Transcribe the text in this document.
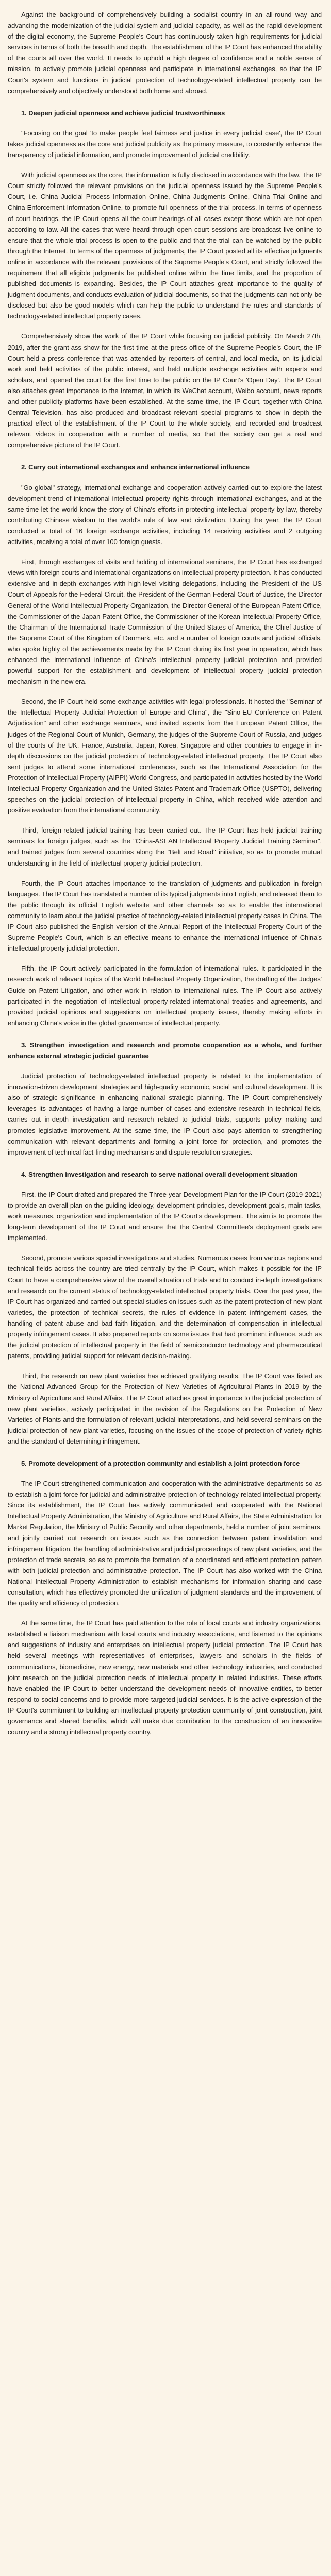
Against the background of comprehensively building a socialist country in an all-round way and advancing the modernization of the judicial system and judicial capacity, as well as the rapid development of the digital economy, the Supreme People's Court has continuously taken high requirements for judicial services in terms of both the breadth and depth. The establishment of the IP Court has enhanced the ability of the courts all over the world. It needs to uphold a high degree of confidence and a noble sense of mission, to actively promote judicial openness and participate in international exchanges, so that the IP Court's system and functions in judicial protection of technology-related intellectual property can be comprehensively and objectively understood both home and abroad.

1. Deepen judicial openness and achieve judicial trustworthiness

"Focusing on the goal 'to make people feel fairness and justice in every judicial case', the IP Court takes judicial openness as the core and judicial publicity as the primary measure, to constantly enhance the transparency of judicial information, and promote improvement of judicial credibility.

With judicial openness as the core, the information is fully disclosed in accordance with the law. The IP Court strictly followed the relevant provisions on the judicial openness issued by the Supreme People's Court, i.e. China Judicial Process Information Online, China Judgments Online, China Trial Online and China Enforcement Information Online, to promote full openness of the trial process. In terms of openness of court hearings, the IP Court opens all the court hearings of all cases except those which are not open according to law. All the cases that were heard through open court sessions are broadcast live online to ensure that the whole trial process is open to the public and that the trial can be watched by the public through the Internet. In terms of the openness of judgments, the IP Court posted all its effective judgments online in accordance with the relevant provisions of the Supreme People's Court, and strictly followed the requirement that all eligible judgments be published online within the time limits, and the proportion of published documents is expanding. Besides, the IP Court attaches great importance to the quality of judgment documents, and conducts evaluation of judicial documents, so that the judgments can not only be disclosed but also be good models which can help the public to understand the rules and standards of technology-related intellectual property cases.

Comprehensively show the work of the IP Court while focusing on judicial publicity. On March 27th, 2019, after the grant-ass show for the first time at the press office of the Supreme People's Court, the IP Court held a press conference that was attended by reporters of central, and local media, on its judicial work and held activities of the public interest, and held multiple exchange activities with experts and scholars, and opened the court for the first time to the public on the IP Court's 'Open Day'. The IP Court also attaches great importance to the Internet, in which its WeChat account, Weibo account, news reports and other publicity platforms have been established. At the same time, the IP Court, together with China Central Television, has also produced and broadcast relevant special programs to show in depth the practical effect of the establishment of the IP Court to the whole society, and recorded and broadcast relevant videos in cooperation with a number of media, so that the society can get a real and comprehensive picture of the IP Court.

2. Carry out international exchanges and enhance international influence

"Go global" strategy, international exchange and cooperation actively carried out to explore the latest development trend of international intellectual property rights through international exchanges, and at the same time let the world know the story of China's efforts in protecting intellectual property by law, thereby contributing Chinese wisdom to the world's rule of law and civilization. During the year, the IP Court conducted a total of 16 foreign exchange activities, including 14 receiving activities and 2 outgoing activities, receiving a total of over 100 foreign guests.

First, through exchanges of visits and holding of international seminars, the IP Court has exchanged views with foreign courts and international organizations on intellectual property protection. It has conducted extensive and in-depth exchanges with high-level visiting delegations, including the President of the US Court of Appeals for the Federal Circuit, the President of the German Federal Court of Justice, the Director General of the World Intellectual Property Organization, the Director-General of the European Patent Office, the Commissioner of the Japan Patent Office, the Commissioner of the Korean Intellectual Property Office, the Chairman of the International Trade Commission of the United States of America, the Chief Justice of the Supreme Court of the Kingdom of Denmark, etc. and a number of foreign courts and judicial officials, who spoke highly of the achievements made by the IP Court during its first year in operation, which has enhanced the international influence of China's intellectual property judicial protection and provided powerful support for the establishment and development of intellectual property judicial protection mechanism in the new era.

Second, the IP Court held some exchange activities with legal professionals. It hosted the "Seminar of the Intellectual Property Judicial Protection of Europe and China", the "Sino-EU Conference on Patent Adjudication" and other exchange seminars, and invited experts from the European Patent Office, the judges of the Regional Court of Munich, Germany, the judges of the Supreme Court of Russia, and judges of the courts of the UK, France, Australia, Japan, Korea, Singapore and other countries to engage in in-depth discussions on the judicial protection of technology-related intellectual property. The IP Court also sent judges to attend some international conferences, such as the International Association for the Protection of Intellectual Property (AIPPI) World Congress, and participated in activities hosted by the World Intellectual Property Organization and the United States Patent and Trademark Office (USPTO), delivering speeches on the judicial protection of intellectual property in China, which received wide attention and positive evaluation from the international community.

Third, foreign-related judicial training has been carried out. The IP Court has held judicial training seminars for foreign judges, such as the "China-ASEAN Intellectual Property Judicial Training Seminar", and trained judges from several countries along the "Belt and Road" initiative, so as to promote mutual understanding in the field of intellectual property judicial protection.

Fourth, the IP Court attaches importance to the translation of judgments and publication in foreign languages. The IP Court has translated a number of its typical judgments into English, and released them to the public through its official English website and other channels so as to enable the international community to learn about the judicial practice of technology-related intellectual property cases in China. The IP Court also published the English version of the Annual Report of the Intellectual Property Court of the Supreme People's Court, which is an effective means to enhance the international influence of China's intellectual property judicial protection.

Fifth, the IP Court actively participated in the formulation of international rules. It participated in the research work of relevant topics of the World Intellectual Property Organization, the drafting of the Judges' Guide on Patent Litigation, and other work in relation to international rules. The IP Court also actively participated in the negotiation of intellectual property-related international treaties and agreements, and provided judicial opinions and suggestions on intellectual property issues, thereby making efforts in enhancing China's voice in the global governance of intellectual property.

3. Strengthen investigation and research and promote cooperation as a whole, and further enhance external strategic judicial guarantee

Judicial protection of technology-related intellectual property is related to the implementation of innovation-driven development strategies and high-quality economic, social and cultural development. It is also of strategic significance in enhancing national strategic planning. The IP Court comprehensively leverages its advantages of having a large number of cases and extensive research in technical fields, carries out in-depth investigation and research related to judicial trials, supports policy making and promotes legislative improvement. At the same time, the IP Court also pays attention to strengthening communication with relevant departments and forming a joint force for protection, and promotes the improvement of technical fact-finding mechanisms and dispute resolution strategies.

4. Strengthen investigation and research to serve national overall development situation

First, the IP Court drafted and prepared the Three-year Development Plan for the IP Court (2019-2021) to provide an overall plan on the guiding ideology, development principles, development goals, main tasks, work measures, organization and implementation of the IP Court's development. The aim is to promote the long-term development of the IP Court and ensure that the Central Committee's deployment goals are implemented.

Second, promote various special investigations and studies. Numerous cases from various regions and technical fields across the country are tried centrally by the IP Court, which makes it possible for the IP Court to have a comprehensive view of the overall situation of trials and to conduct in-depth investigations and research on the current status of technology-related intellectual property trials. Over the past year, the IP Court has organized and carried out special studies on issues such as the patent protection of new plant varieties, the protection of technical secrets, the rules of evidence in patent infringement cases, the handling of patent abuse and bad faith litigation, and the determination of compensation in intellectual property infringement cases. It also prepared reports on some issues that had prominent influence, such as the judicial protection of intellectual property in the field of semiconductor technology and pharmaceutical patents, providing judicial support for relevant decision-making.

Third, the research on new plant varieties has achieved gratifying results. The IP Court was listed as the National Advanced Group for the Protection of New Varieties of Agricultural Plants in 2019 by the Ministry of Agriculture and Rural Affairs. The IP Court attaches great importance to the judicial protection of new plant varieties, actively participated in the revision of the Regulations on the Protection of New Varieties of Plants and the formulation of relevant judicial interpretations, and held several seminars on the judicial protection of new plant varieties, focusing on the issues of the scope of protection of variety rights and the standard of determining infringement.

5. Promote development of a protection community and establish a joint protection force

The IP Court strengthened communication and cooperation with the administrative departments so as to establish a joint force for judicial and administrative protection of technology-related intellectual property. Since its establishment, the IP Court has actively communicated and cooperated with the National Intellectual Property Administration, the Ministry of Agriculture and Rural Affairs, the State Administration for Market Regulation, the Ministry of Public Security and other departments, held a number of joint seminars, and jointly carried out research on issues such as the connection between patent invalidation and infringement litigation, the handling of administrative and judicial proceedings of new plant varieties, and the protection of trade secrets, so as to promote the formation of a coordinated and efficient protection pattern with both judicial protection and administrative protection. The IP Court has also worked with the China National Intellectual Property Administration to establish mechanisms for information sharing and case consultation, which has effectively promoted the unification of judgment standards and the improvement of the quality and efficiency of protection.

At the same time, the IP Court has paid attention to the role of local courts and industry organizations, established a liaison mechanism with local courts and industry associations, and listened to the opinions and suggestions of industry and enterprises on intellectual property judicial protection. The IP Court has held several meetings with representatives of enterprises, lawyers and scholars in the fields of communications, biomedicine, new energy, new materials and other technology industries, and conducted joint research on the judicial protection needs of intellectual property in related industries. These efforts have enabled the IP Court to better understand the development needs of innovative entities, to better respond to social concerns and to provide more targeted judicial services. It is the active expression of the IP Court's commitment to building an intellectual property protection community of joint construction, joint governance and shared benefits, which will make due contribution to the construction of an innovative country and a strong intellectual property country.
